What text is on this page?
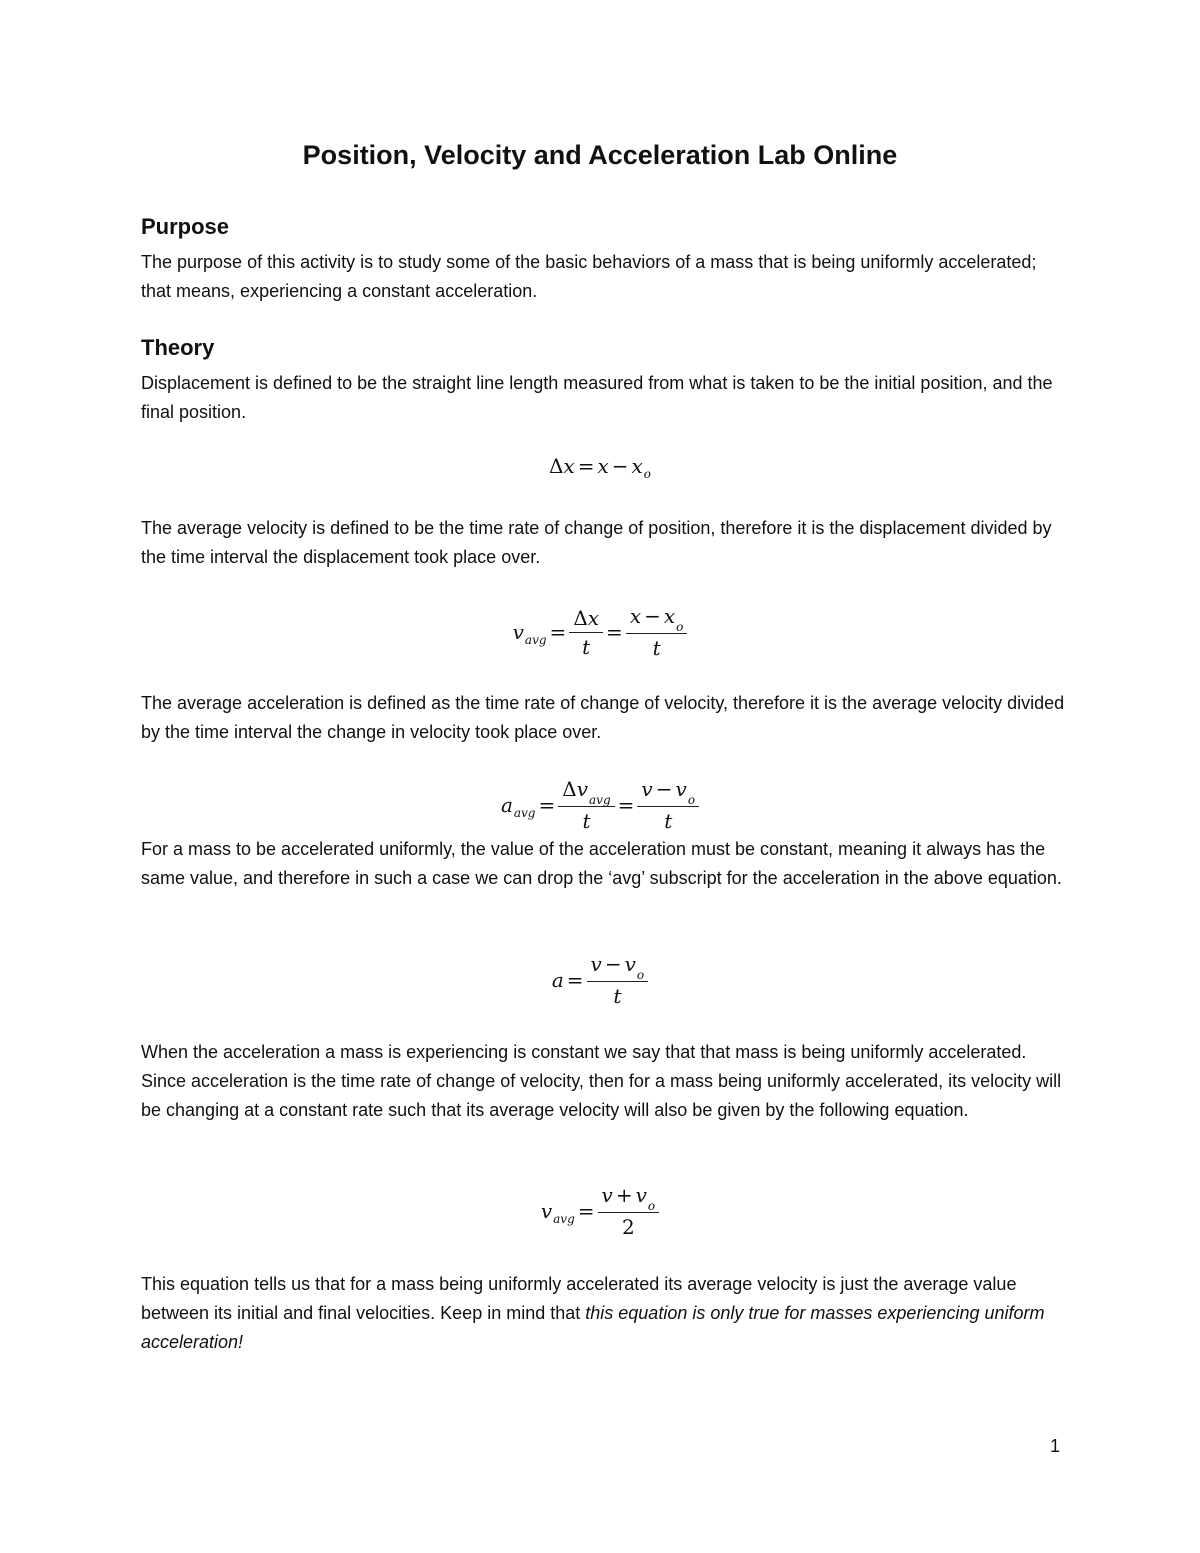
Position, Velocity and Acceleration Lab Online
Purpose

The purpose of this activity is to study some of the basic behaviors of a mass that is being uniformly accelerated; that means, experiencing a constant acceleration.

Theory

Displacement is defined to be the straight line length measured from what is taken to be the initial position, and the final position.

Δ x = x − x o

The average velocity is defined to be the time rate of change of position, therefore it is the displacement divided by the time interval the displacement took place over.

v avg = $\frac{\Delta x}{t} = \frac{x - x_o}{t}$

The average acceleration is defined as the time rate of change of velocity, therefore it is the average velocity divided by the time interval the change in velocity took place over.

a avg = $\frac{\Delta v_{avg}}{t} = \frac{v - v_o}{t}$

For a mass to be accelerated uniformly, the value of the acceleration must be constant, meaning it always has the same value, and therefore in such a case we can drop the ‘avg’ subscript for the acceleration in the above equation.

$a = \frac{v - v_o}{t}$

When the acceleration a mass is experiencing is constant we say that that mass is being uniformly accelerated. Since acceleration is the time rate of change of velocity, then for a mass being uniformly accelerated, its velocity will be changing at a constant rate such that its average velocity will also be given by the following equation.

v avg = $\frac{v + v_o}{2}$

This equation tells us that for a mass being uniformly accelerated its average velocity is just the average value between its initial and final velocities. Keep in mind that this equation is only true for masses experiencing uniform acceleration!

1
